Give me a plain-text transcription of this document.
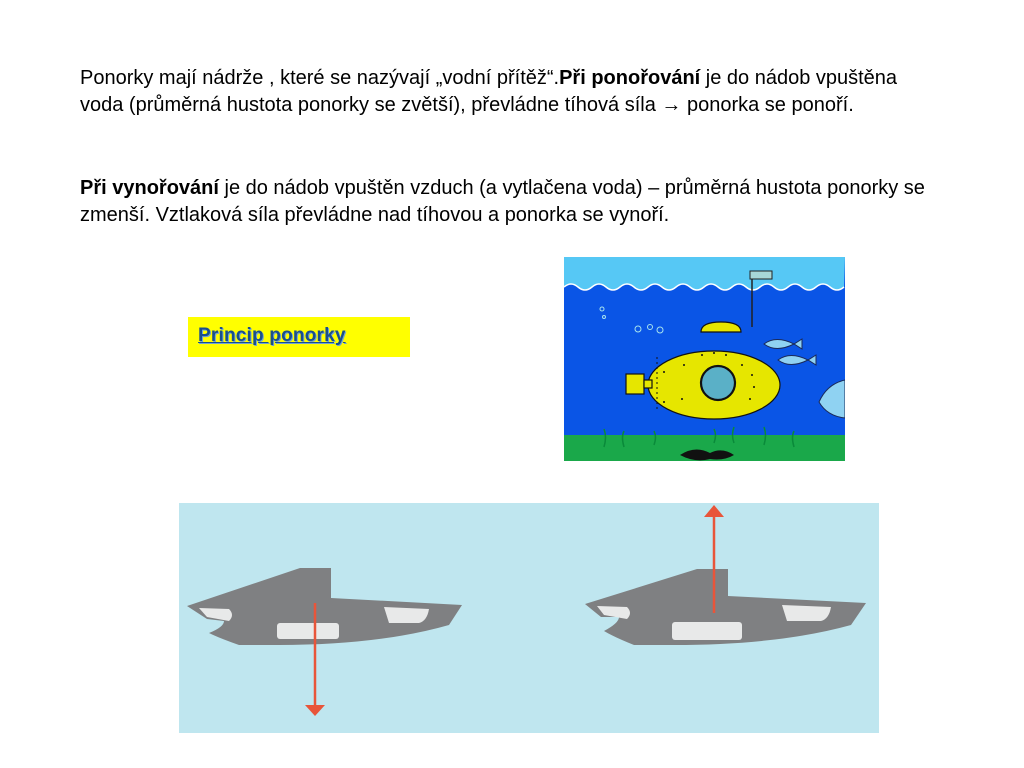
Ponorky mají nádrže , které se nazývají „vodní přítěž“.Při ponořování je do nádob vpuštěna voda (průměrná hustota ponorky se zvětší), převládne tíhová síla → ponorka se ponoří.

Při vynořování je do nádob vpuštěn vzduch (a vytlačena voda) – průměrná hustota ponorky se zmenší. Vztlaková síla převládne nad tíhovou a ponorka se vynoří.

Princip ponorky
